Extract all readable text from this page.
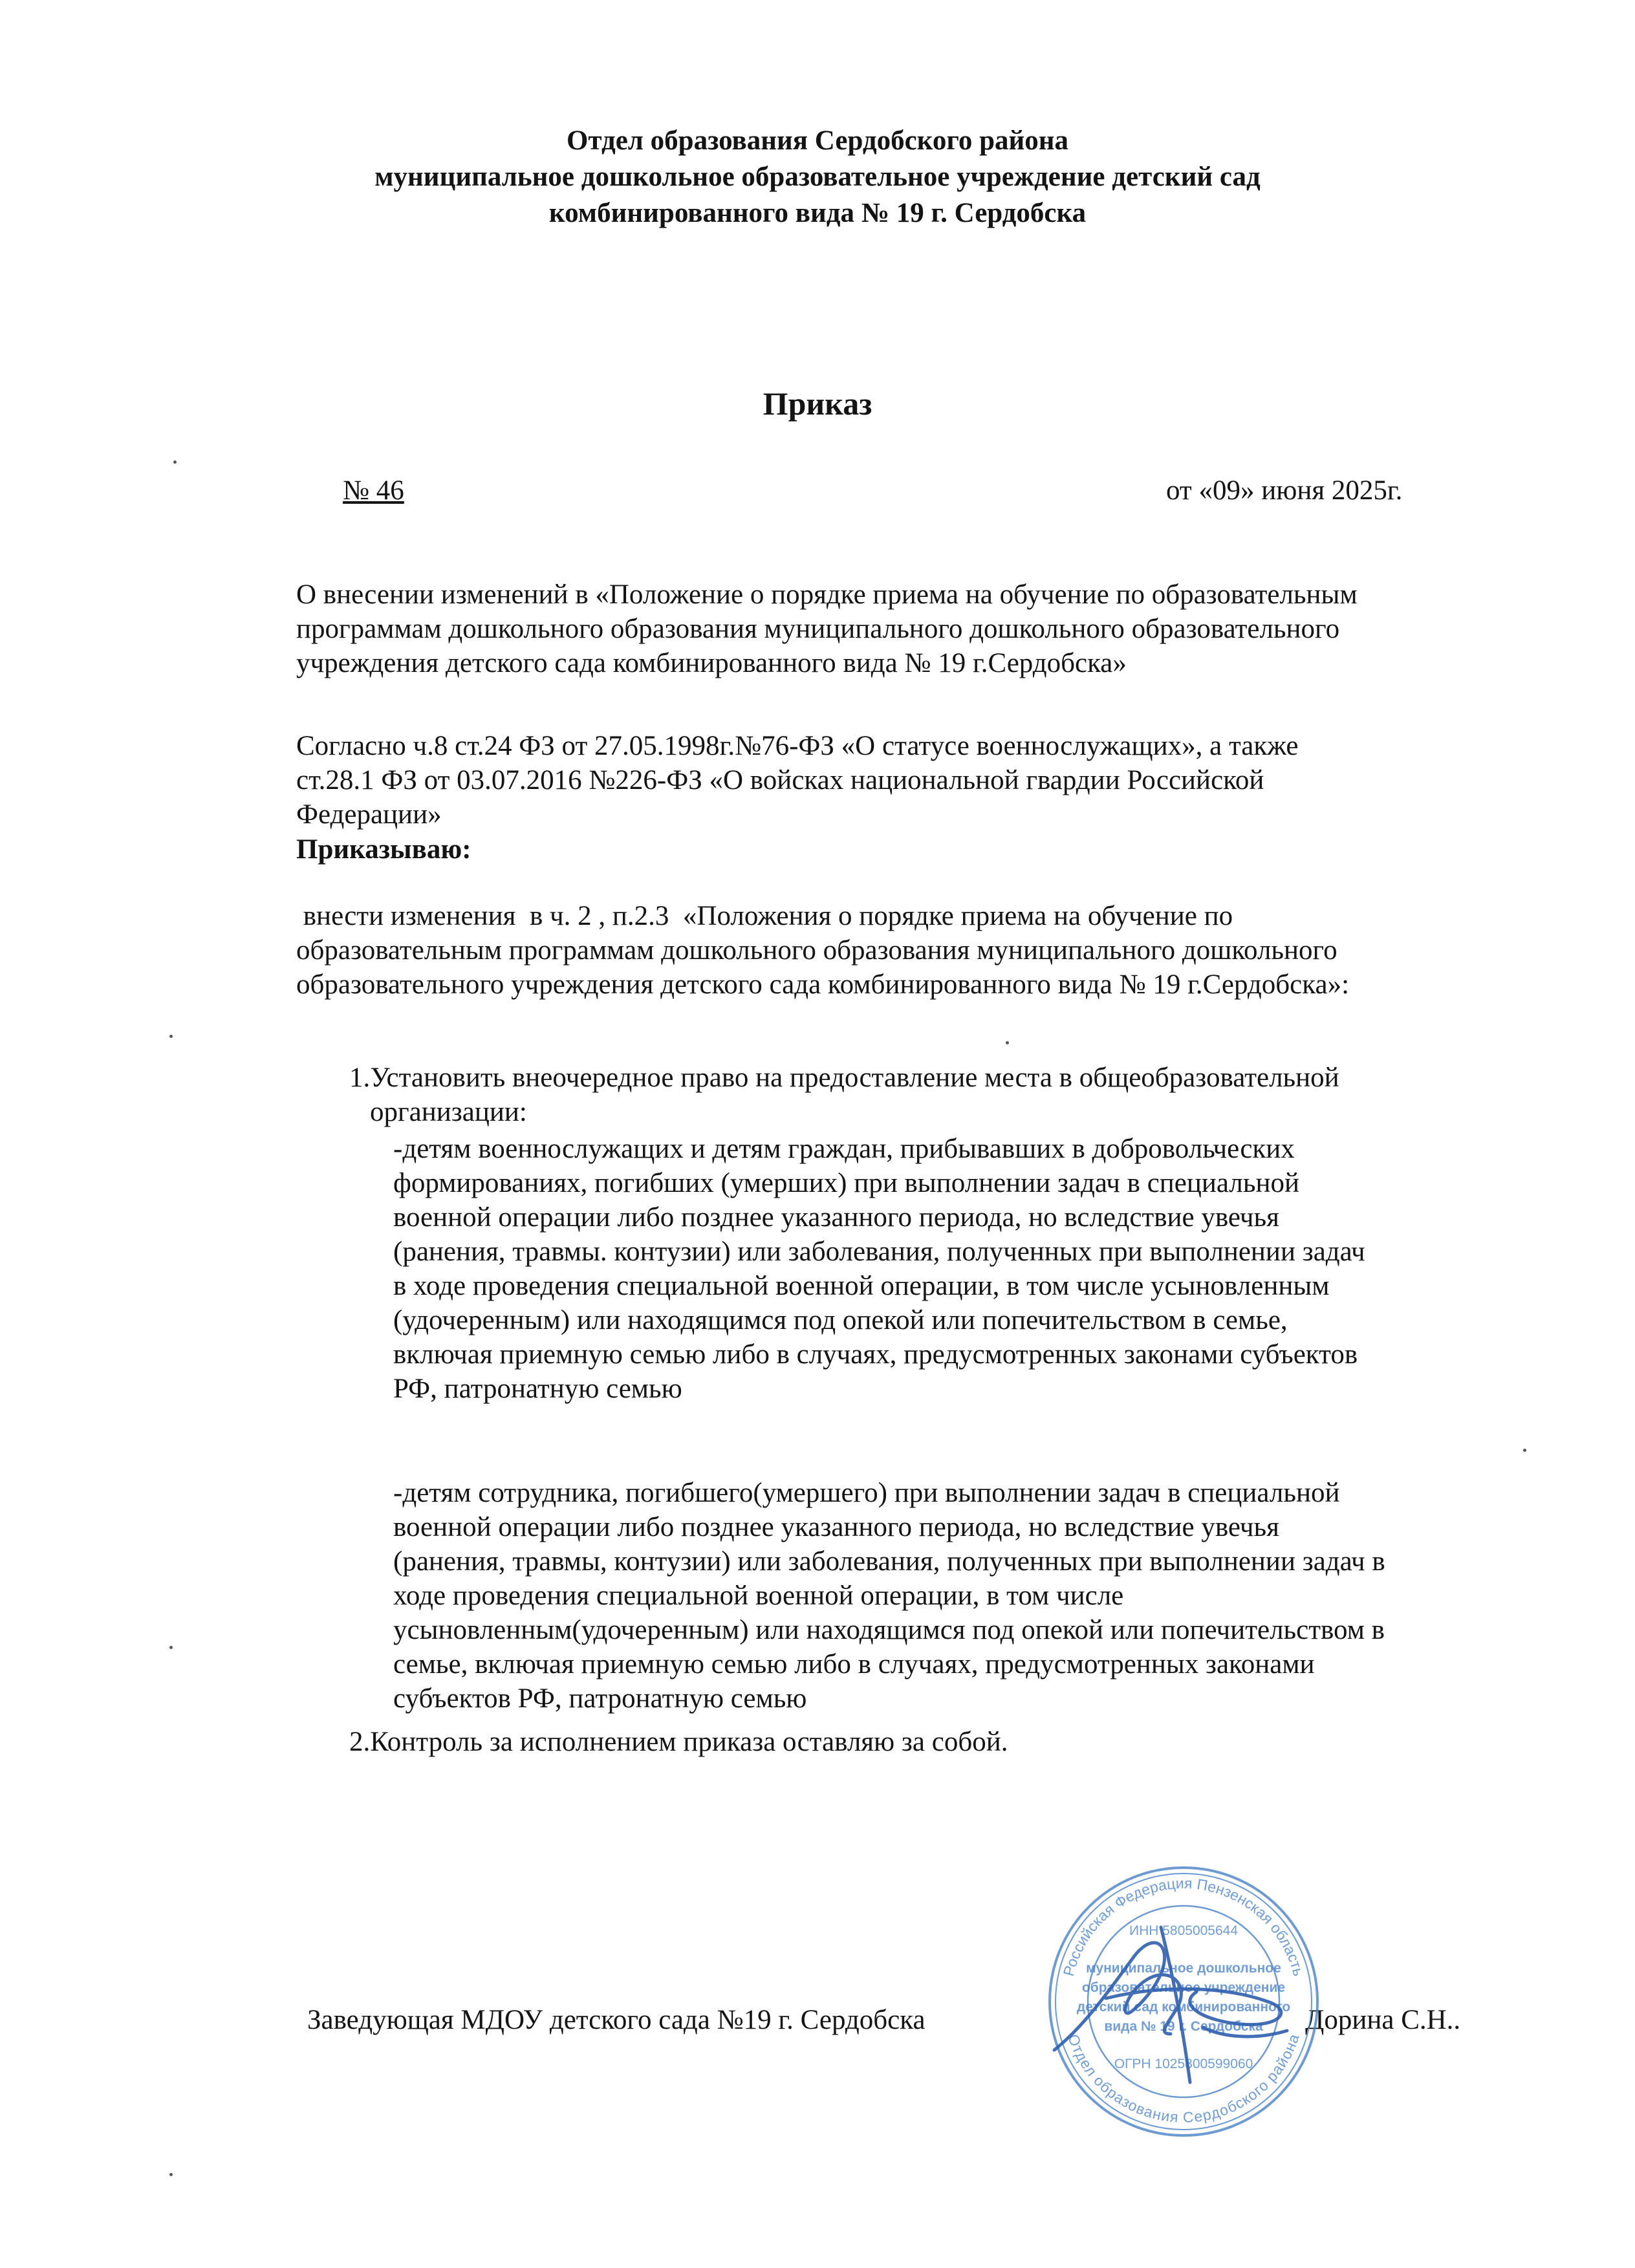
Отдел образования Сердобского района
муниципальное дошкольное образовательное учреждение детский сад
комбинированного вида № 19 г. Сердобска
Приказ
№ 46	от «09» июня 2025г.
О внесении изменений в «Положение о порядке приема на обучение по образовательным
программам дошкольного образования муниципального дошкольного образовательного
учреждения детского сада комбинированного вида № 19 г.Сердобска»
Согласно ч.8 ст.24 ФЗ от 27.05.1998г.№76-ФЗ «О статусе военнослужащих», а также
ст.28.1 ФЗ от 03.07.2016 №226-ФЗ «О войсках национальной гвардии Российской
Федерации»
Приказываю:
внести изменения  в ч. 2 , п.2.3  «Положения о порядке приема на обучение по
образовательным программам дошкольного образования муниципального дошкольного
образовательного учреждения детского сада комбинированного вида № 19 г.Сердобска»:
1.Установить внеочередное право на предоставление места в общеобразовательной
организации:
-детям военнослужащих и детям граждан, прибывавших в добровольческих
формированиях, погибших (умерших) при выполнении задач в специальной
военной операции либо позднее указанного периода, но вследствие увечья
(ранения, травмы. контузии) или заболевания, полученных при выполнении задач
в ходе проведения специальной военной операции, в том числе усыновленным
(удочеренным) или находящимся под опекой или попечительством в семье,
включая приемную семью либо в случаях, предусмотренных законами субъектов
РФ, патронатную семью
-детям сотрудника, погибшего(умершего) при выполнении задач в специальной
военной операции либо позднее указанного периода, но вследствие увечья
(ранения, травмы, контузии) или заболевания, полученных при выполнении задач в
ходе проведения специальной военной операции, в том числе
усыновленным(удочеренным) или находящимся под опекой или попечительством в
семье, включая приемную семью либо в случаях, предусмотренных законами
субъектов РФ, патронатную семью
2.Контроль за исполнением приказа оставляю за собой.
Заведующая МДОУ детского сада №19 г. Сердобска	Дорина С.Н..
Российская Федерация Пензенская область
Отдел образования Сердобского района
ИНН 5805005644
муниципальное дошкольное
образовательное учреждение
детский сад комбинированного
вида № 19 г. Сердобска
ОГРН 1025800599060
